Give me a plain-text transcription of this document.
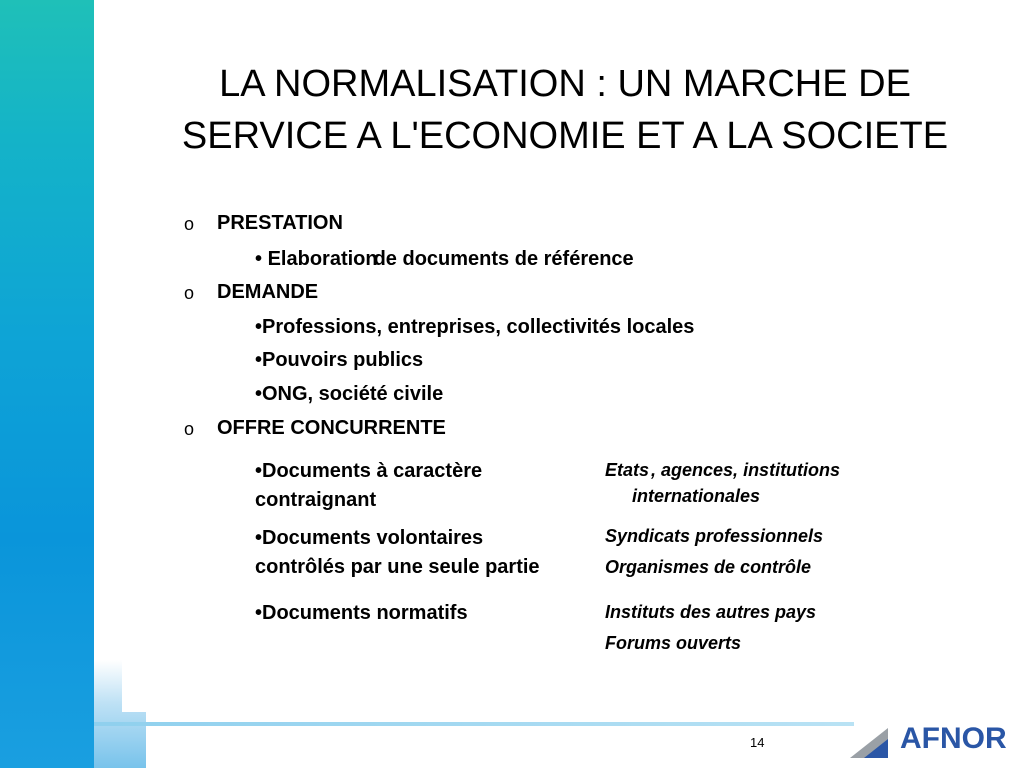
LA NORMALISATION : UN MARCHE DE SERVICE A L'ECONOMIE ET A LA SOCIETE
o PRESTATION
• Elaborationde documents de référence
o DEMANDE
•Professions, entreprises, collectivités locales
•Pouvoirs publics
•ONG, société civile
o OFFRE CONCURRENTE
•Documents à caractère
contraignant
•Documents volontaires
contrôlés par une seule partie
•Documents normatifs
Etats , agences, institutions
internationales
Syndicats professionnels
Organismes de contrôle
Instituts des autres pays
Forums ouverts
14	AFNOR
